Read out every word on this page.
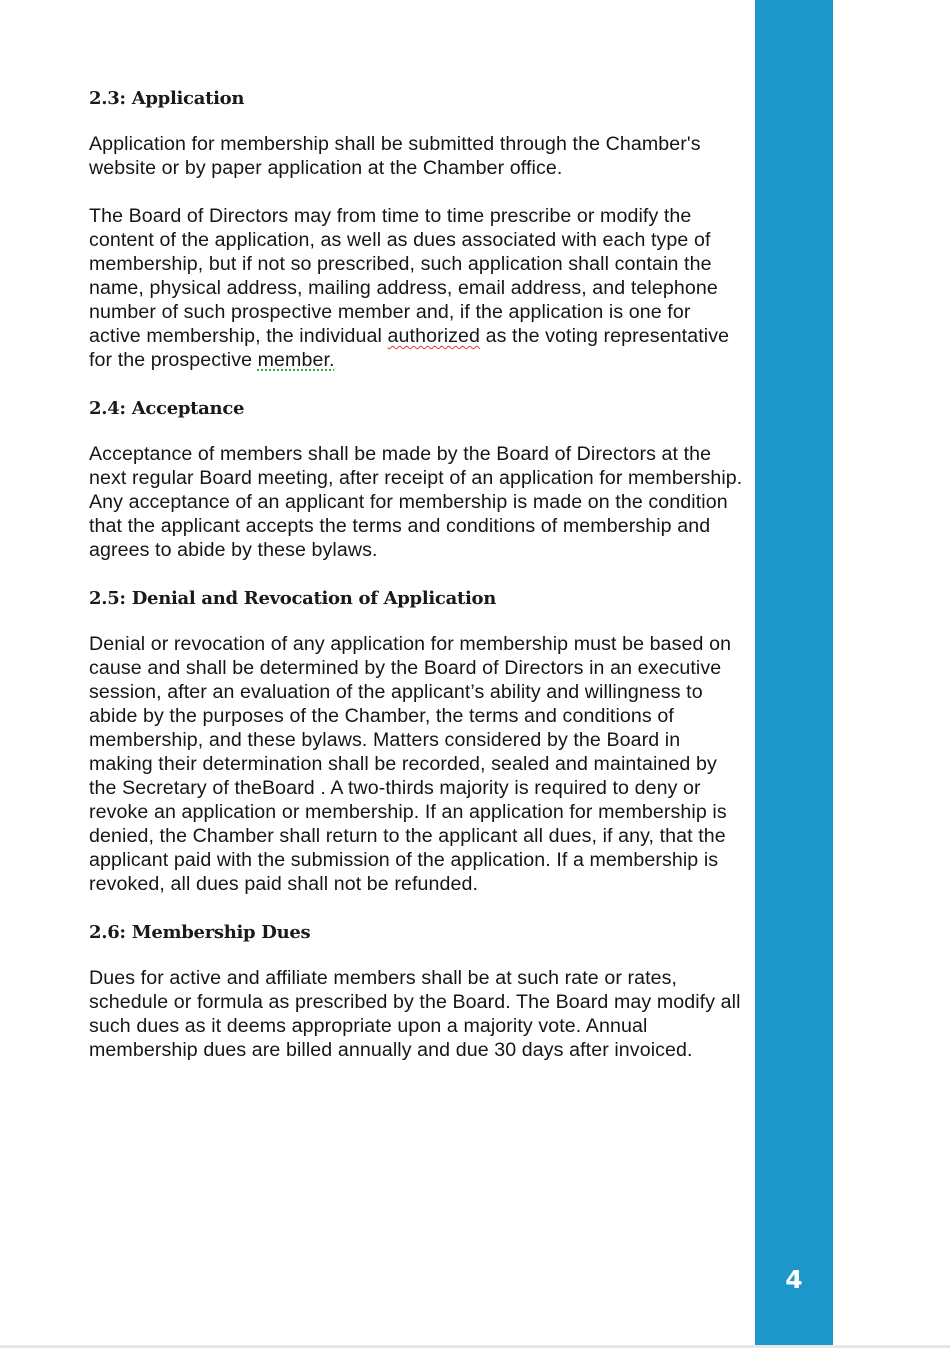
2.3: Application

Application for membership shall be submitted through the Chamber's website or by paper application at the Chamber office.

The Board of Directors may from time to time prescribe or modify the content of the application, as well as dues associated with each type of membership, but if not so prescribed, such application shall contain the name, physical address, mailing address, email address, and telephone number of such prospective member and, if the application is one for active membership, the individual authorized as the voting representative for the prospective member.

2.4: Acceptance

Acceptance of members shall be made by the Board of Directors at the next regular Board meeting, after receipt of an application for membership. Any acceptance of an applicant for membership is made on the condition that the applicant accepts the terms and conditions of membership and agrees to abide by these bylaws.

2.5: Denial and Revocation of Application

Denial or revocation of any application for membership must be based on cause and shall be determined by the Board of Directors in an executive session, after an evaluation of the applicant’s ability and willingness to abide by the purposes of the Chamber, the terms and conditions of membership, and these bylaws. Matters considered by the Board in making their determination shall be recorded, sealed and maintained by the Secretary of theBoard . A two-thirds majority is required to deny or revoke an application or membership. If an application for membership is denied, the Chamber shall return to the applicant all dues, if any, that the applicant paid with the submission of the application. If a membership is revoked, all dues paid shall not be refunded.

2.6: Membership Dues

Dues for active and affiliate members shall be at such rate or rates, schedule or formula as prescribed by the Board. The Board may modify all such dues as it deems appropriate upon a majority vote. Annual membership dues are billed annually and due 30 days after invoiced.

4
